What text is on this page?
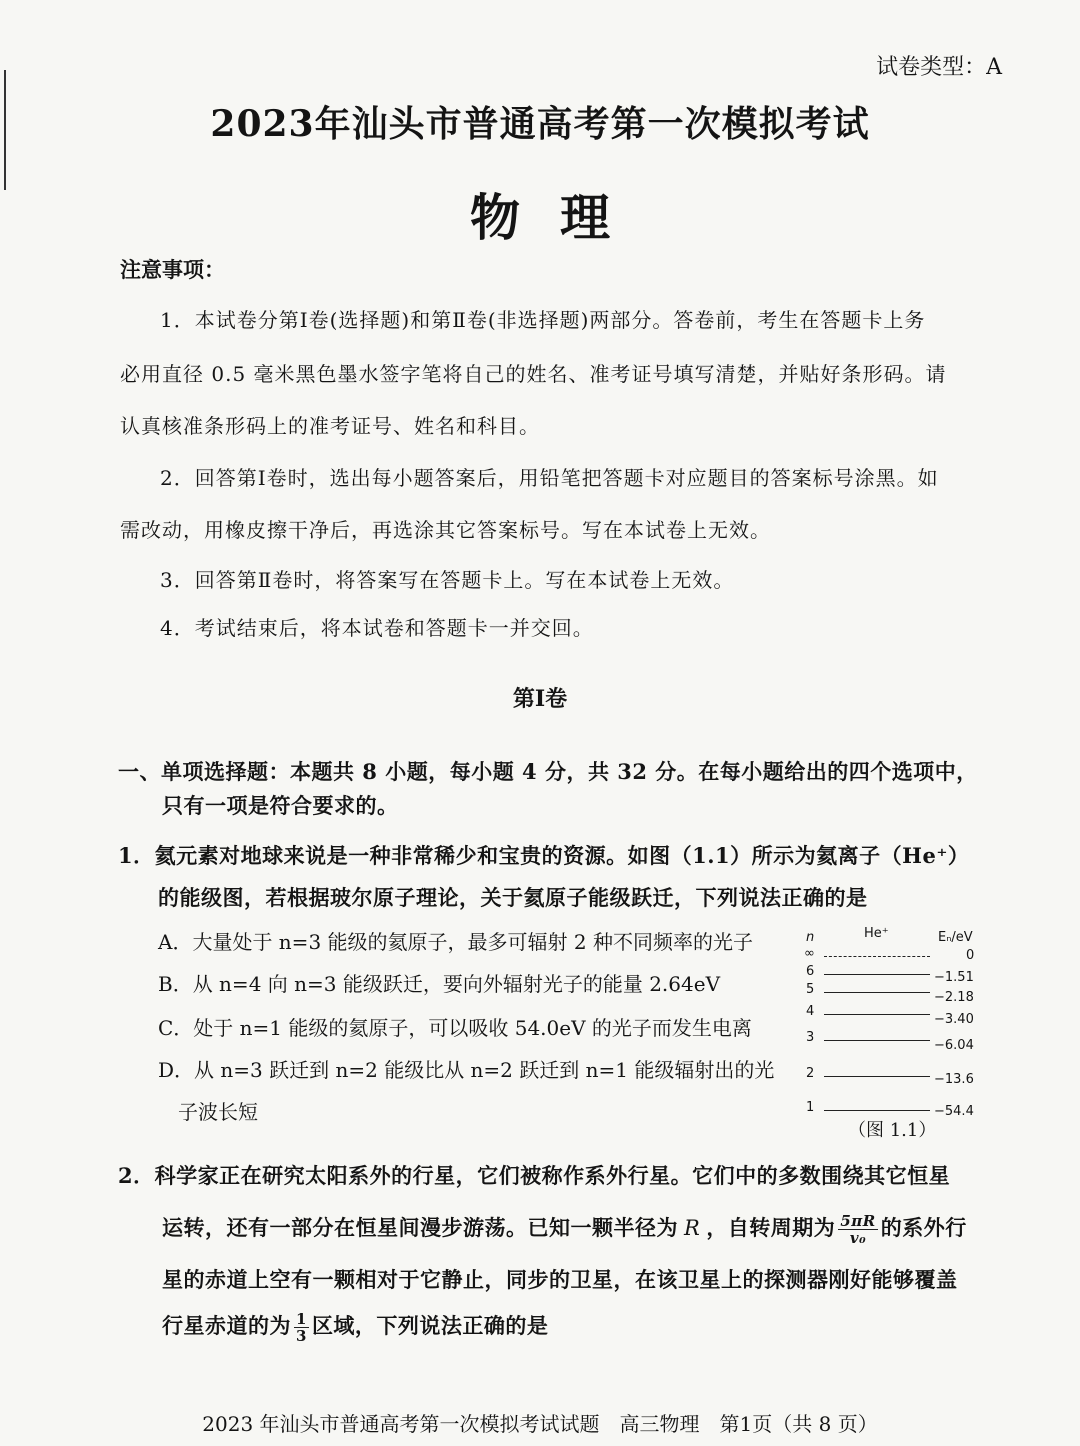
试卷类型：A
2023年汕头市普通高考第一次模拟考试
物理
注意事项：
1．本试卷分第Ⅰ卷(选择题)和第Ⅱ卷(非选择题)两部分。答卷前，考生在答题卡上务
必用直径 0.5 毫米黑色墨水签字笔将自己的姓名、准考证号填写清楚，并贴好条形码。请
认真核准条形码上的准考证号、姓名和科目。
2．回答第Ⅰ卷时，选出每小题答案后，用铅笔把答题卡对应题目的答案标号涂黑。如
需改动，用橡皮擦干净后，再选涂其它答案标号。写在本试卷上无效。
3．回答第Ⅱ卷时，将答案写在答题卡上。写在本试卷上无效。
4．考试结束后，将本试卷和答题卡一并交回。
第Ⅰ卷
一、单项选择题：本题共 8 小题，每小题 4 分，共 32 分。在每小题给出的四个选项中，
只有一项是符合要求的。
1．氦元素对地球来说是一种非常稀少和宝贵的资源。如图（1.1）所示为氦离子（He⁺）
的能级图，若根据玻尔原子理论，关于氦原子能级跃迁，下列说法正确的是
A．大量处于 n=3 能级的氦原子，最多可辐射 2 种不同频率的光子
B．从 n=4 向 n=3 能级跃迁，要向外辐射光子的能量 2.64eV
C．处于 n=1 能级的氦原子，可以吸收 54.0eV 的光子而发生电离
D．从 n=3 跃迁到 n=2 能级比从 n=2 跃迁到 n=1 能级辐射出的光
子波长短
n	He⁺	Eₙ/eV
∞	0
6	−1.51
5
−2.18
4
−3.40
3
−6.04
2	−13.6
1	−54.4
（图 1.1）
2．科学家正在研究太阳系外的行星，它们被称作系外行星。它们中的多数围绕其它恒星
运转，还有一部分在恒星间漫步游荡。已知一颗半径为 R ，自转周期为 $\frac{5\pi R}{\text{v₀}}$ 的系外行
星的赤道上空有一颗相对于它静止，同步的卫星，在该卫星上的探测器刚好能够覆盖
行星赤道的为 $\frac{1}{3}$ 区域，下列说法正确的是
2023 年汕头市普通高考第一次模拟考试试题　高三物理　第1页（共 8 页）
